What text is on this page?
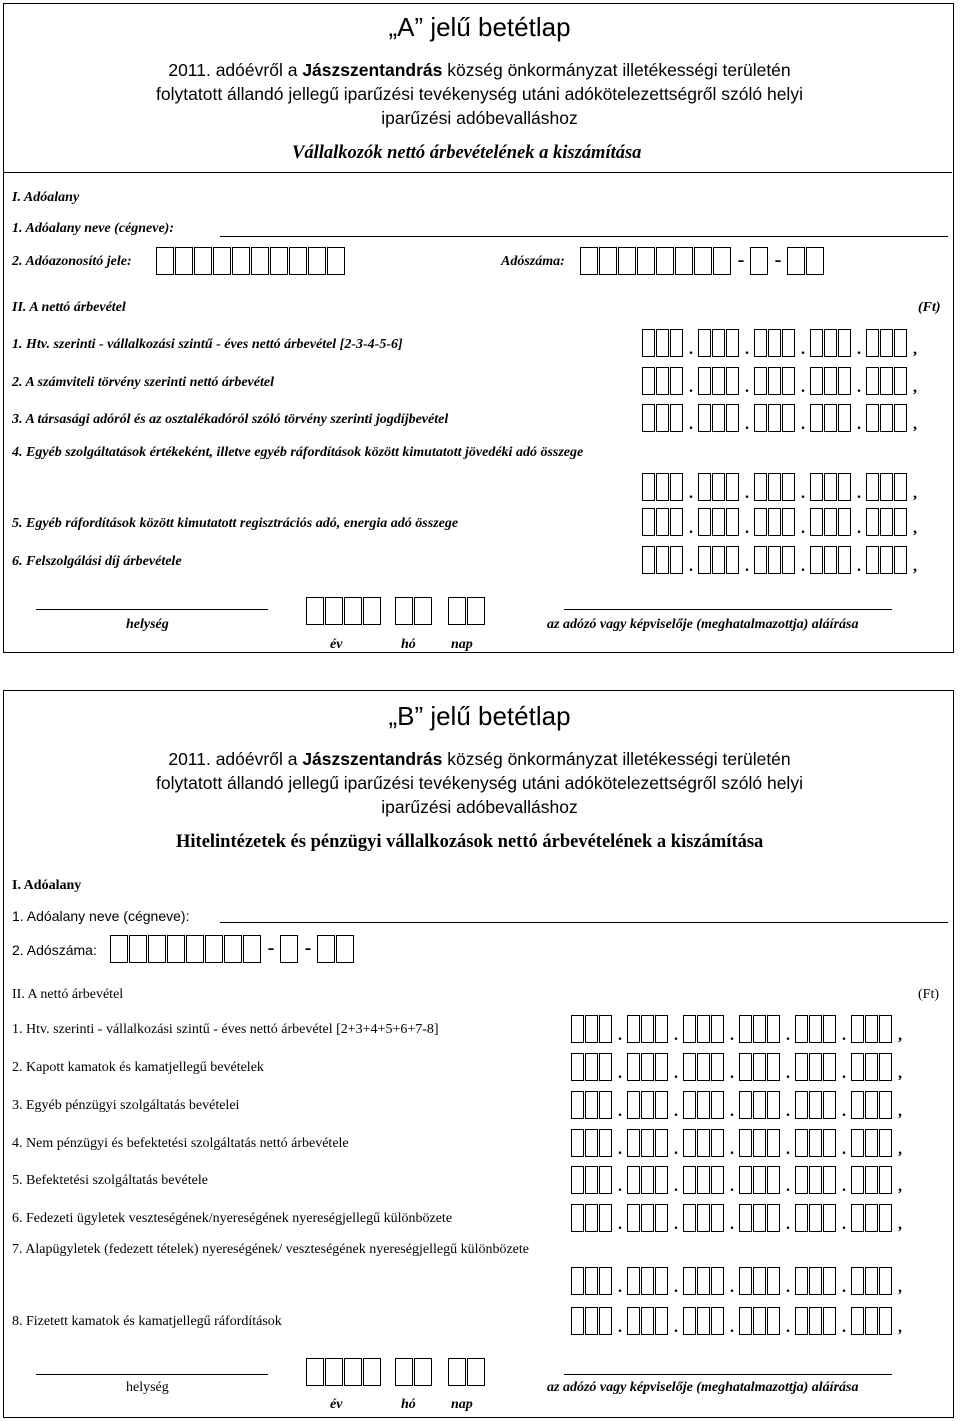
„A” jelű betétlap
2011. adóévről a Jászszentandrás község önkormányzat illetékességi területén
folytatott állandó jellegű iparűzési tevékenység utáni adókötelezettségről szóló helyi
iparűzési adóbevalláshoz
Vállalkozók nettó árbevételének a kiszámítása
I. Adóalany
1. Adóalany neve (cégneve):
2. Adóazonosító jele:	Adószáma:	- -
II. A nettó árbevétel	(Ft)
1. Htv. szerinti - vállalkozási szintű - éves nettó árbevétel [2-3-4-5-6]	.	.	.	.	,
2. A számviteli törvény szerinti nettó árbevétel	.	.	.	.	,
3. A társasági adóról és az osztalékadóról szóló törvény szerinti jogdíjbevétel	.	.	.	.	,
4. Egyéb szolgáltatások értékeként, illetve egyéb ráfordítások között kimutatott jövedéki adó összege
.	.	.	.	,
5. Egyéb ráfordítások között kimutatott regisztrációs adó, energia adó összege	.	.	.	.	,
6. Felszolgálási díj árbevétele	.	.	.	.	,
helység
év	hó	nap
az adózó vagy képviselője (meghatalmazottja) aláírása
„B” jelű betétlap
2011. adóévről a Jászszentandrás község önkormányzat illetékességi területén
folytatott állandó jellegű iparűzési tevékenység utáni adókötelezettségről szóló helyi
iparűzési adóbevalláshoz
Hitelintézetek és pénzügyi vállalkozások nettó árbevételének a kiszámítása
I. Adóalany
1. Adóalany neve (cégneve):
2. Adószáma:	- -
II. A nettó árbevétel	(Ft)
1. Htv. szerinti - vállalkozási szintű - éves nettó árbevétel [2+3+4+5+6+7-8]	.	.	.	.	.	,
2. Kapott kamatok és kamatjellegű bevételek	.	.	.	.	.	,
3. Egyéb pénzügyi szolgáltatás bevételei	.	.	.	.	.	,
4. Nem pénzügyi és befektetési szolgáltatás nettó árbevétele	.	.	.	.	.	,
5. Befektetési szolgáltatás bevétele	.	.	.	.	.	,
6. Fedezeti ügyletek veszteségének/nyereségének nyereségjellegű különbözete	.	.	.	.	.	,
7. Alapügyletek (fedezett tételek) nyereségének/ veszteségének nyereségjellegű különbözete
.	.	.	.	.	,
8. Fizetett kamatok és kamatjellegű ráfordítások	.	.	.	.	.	,
helység
év	hó	nap
az adózó vagy képviselője (meghatalmazottja) aláírása
